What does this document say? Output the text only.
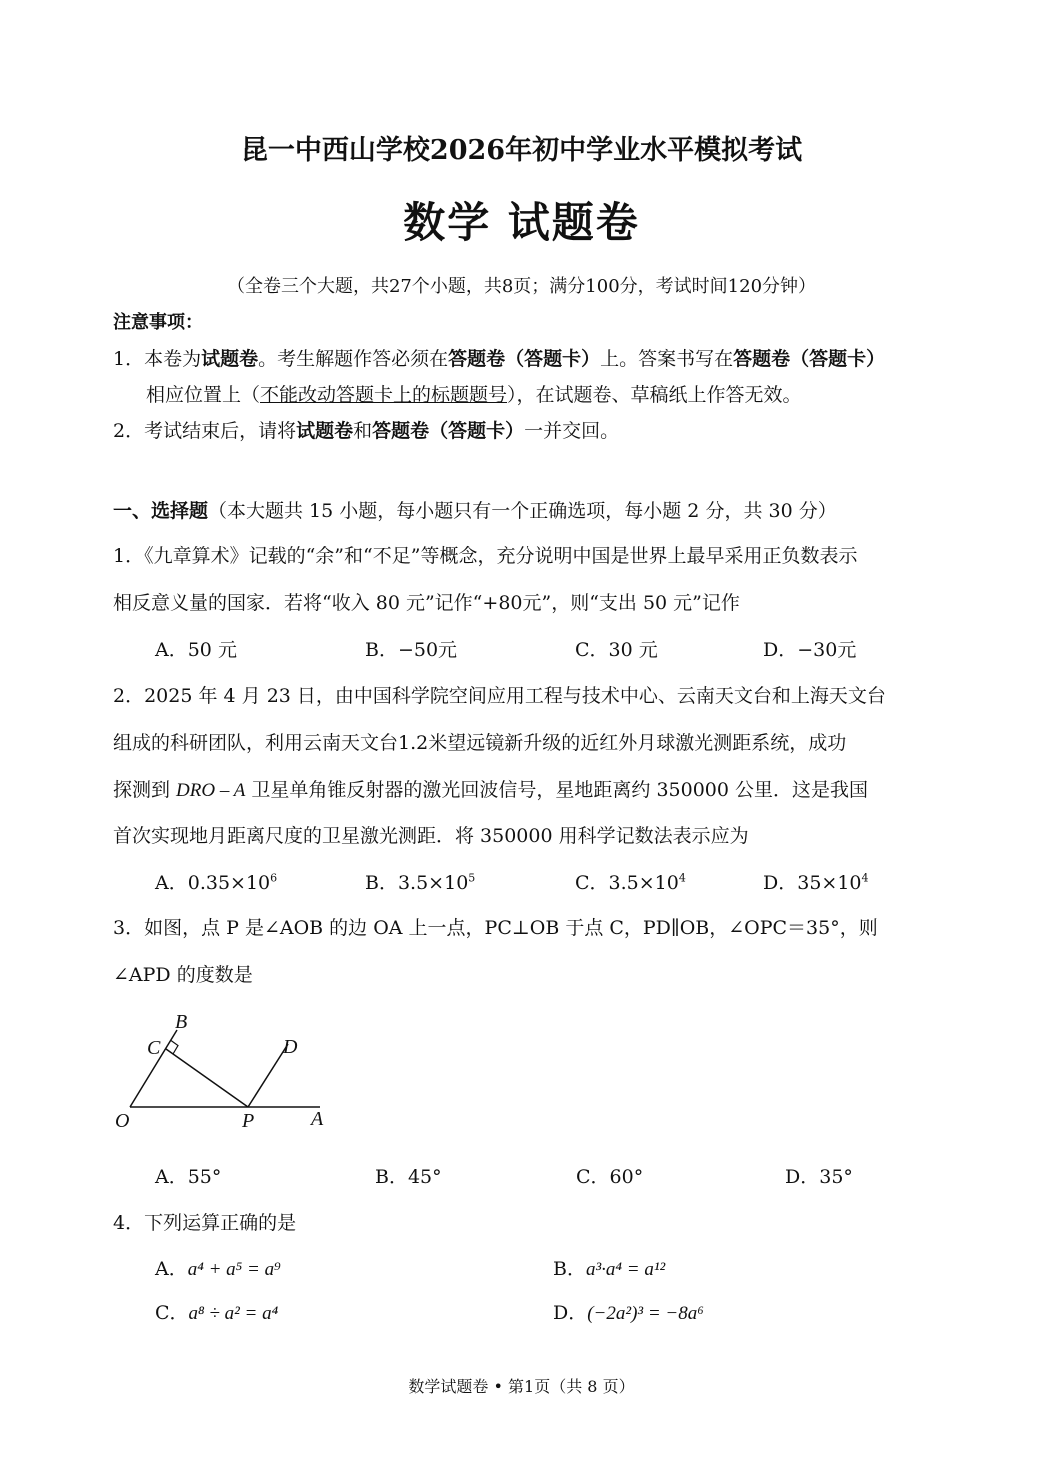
昆一中西山学校2026年初中学业水平模拟考试
数学 试题卷
（全卷三个大题，共27个小题，共8页；满分100分，考试时间120分钟）
注意事项：
1．本卷为试题卷。考生解题作答必须在答题卷（答题卡）上。答案书写在答题卷（答题卡）
相应位置上（不能改动答题卡上的标题题号），在试题卷、草稿纸上作答无效。
2．考试结束后，请将试题卷和答题卷（答题卡）一并交回。
一、选择题（本大题共 15 小题，每小题只有一个正确选项，每小题 2 分，共 30 分）
1．《九章算术》记载的“余”和“不足”等概念，充分说明中国是世界上最早采用正负数表示
相反意义量的国家．若将“收入 80 元”记作“+80元”，则“支出 50 元”记作
A．50 元	B．−50元	C．30 元	D．−30元
2．2025 年 4 月 23 日，由中国科学院空间应用工程与技术中心、云南天文台和上海天文台
组成的科研团队，利用云南天文台1.2米望远镜新升级的近红外月球激光测距系统，成功
探测到 DRO – A 卫星单角锥反射器的激光回波信号，星地距离约 350000 公里．这是我国
首次实现地月距离尺度的卫星激光测距．将 350000 用科学记数法表示应为
A．$0.35\times 10^6$	B．$3.5\times 10^5$	C．$3.5\times 10^4$	D．$35\times 10^4$
3．如图，点 P 是∠AOB 的边 OA 上一点，PC⊥OB 于点 C，PD∥OB，∠OPC＝35°，则
∠APD 的度数是
B
C	D
O	P	A
A．55°	B．45°	C．60°	D．35°
4．下列运算正确的是
A．a⁴ + a⁵ = a⁹	B．a³·a⁴ = a¹²
C．a⁸ ÷ a² = a⁴	D．(−2a²)³ = −8a⁶
数学试题卷 • 第1页（共 8 页）
